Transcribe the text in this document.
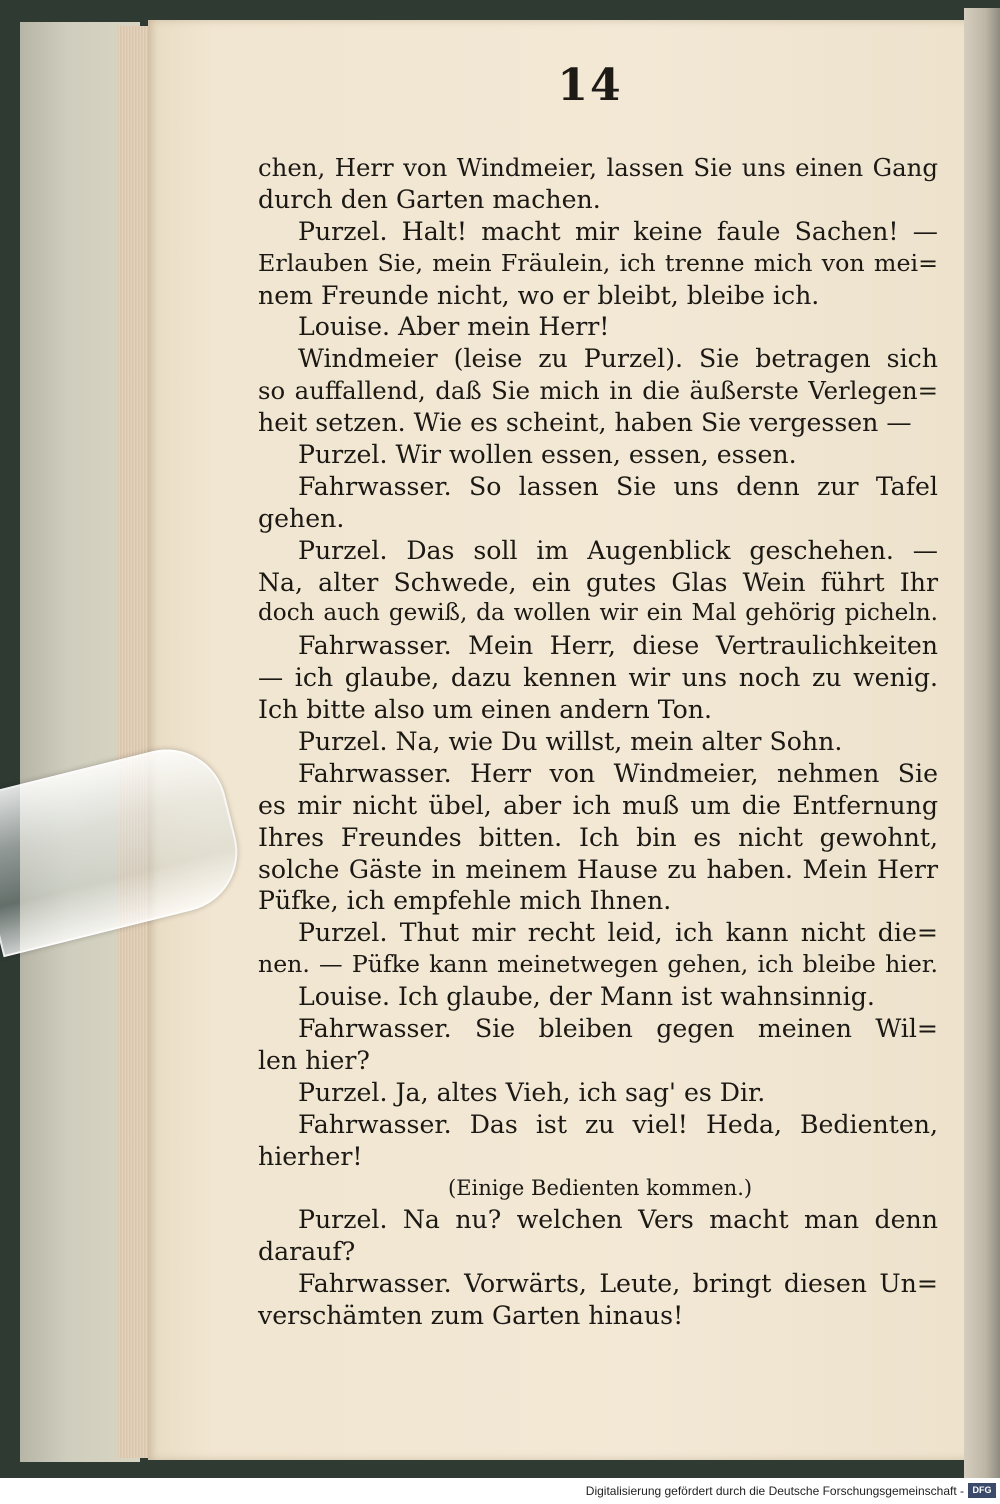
14
chen, Herr von Windmeier, lassen Sie uns einen Gang
durch den Garten machen.
Purzel. Halt! macht mir keine faule Sachen! —
Erlauben Sie, mein Fräulein, ich trenne mich von mei=
nem Freunde nicht, wo er bleibt, bleibe ich.
Louise. Aber mein Herr!
Windmeier (leise zu Purzel). Sie betragen sich
so auffallend, daß Sie mich in die äußerste Verlegen=
heit setzen. Wie es scheint, haben Sie vergessen —
Purzel. Wir wollen essen, essen, essen.
Fahrwasser. So lassen Sie uns denn zur Tafel
gehen.
Purzel. Das soll im Augenblick geschehen. —
Na, alter Schwede, ein gutes Glas Wein führt Ihr
doch auch gewiß, da wollen wir ein Mal gehörig picheln.
Fahrwasser. Mein Herr, diese Vertraulichkeiten
— ich glaube, dazu kennen wir uns noch zu wenig.
Ich bitte also um einen andern Ton.
Purzel. Na, wie Du willst, mein alter Sohn.
Fahrwasser. Herr von Windmeier, nehmen Sie
es mir nicht übel, aber ich muß um die Entfernung
Ihres Freundes bitten. Ich bin es nicht gewohnt,
solche Gäste in meinem Hause zu haben. Mein Herr
Püfke, ich empfehle mich Ihnen.
Purzel. Thut mir recht leid, ich kann nicht die=
nen. — Püfke kann meinetwegen gehen, ich bleibe hier.
Louise. Ich glaube, der Mann ist wahnsinnig.
Fahrwasser. Sie bleiben gegen meinen Wil=
len hier?
Purzel. Ja, altes Vieh, ich sag' es Dir.
Fahrwasser. Das ist zu viel! Heda, Bedienten,
hierher!
(Einige Bedienten kommen.)
Purzel. Na nu? welchen Vers macht man denn
darauf?
Fahrwasser. Vorwärts, Leute, bringt diesen Un=
verschämten zum Garten hinaus!
Digitalisierung gefördert durch die Deutsche Forschungsgemeinschaft - DFG
